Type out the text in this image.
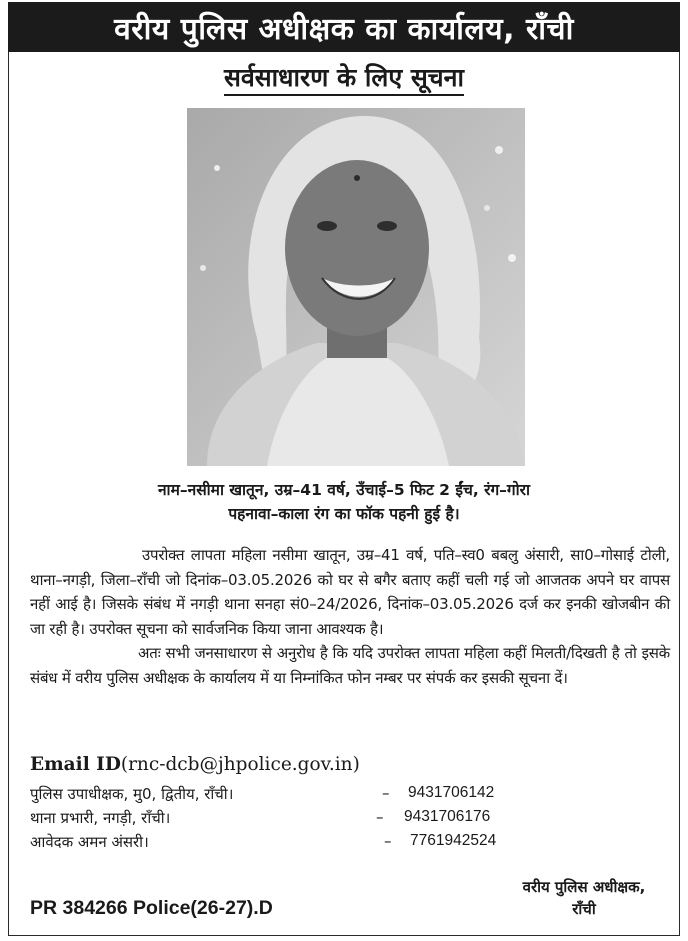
वरीय पुलिस अधीक्षक का कार्यालय, राँची
सर्वसाधारण के लिए सूचना
नाम–नसीमा खातून, उम्र–41 वर्ष, उँचाई–5 फिट 2 ईंच, रंग–गोरा
पहनावा–काला रंग का फॉक पहनी हुई है।

उपरोक्त लापता महिला नसीमा खातून, उम्र–41 वर्ष, पति–स्व0 बबलु अंसारी, सा0–गोसाई टोली, थाना–नगड़ी, जिला–राँची जो दिनांक–03.05.2026 को घर से बगैर बताए कहीं चली गई जो आजतक अपने घर वापस नहीं आई है। जिसके संबंध में नगड़ी थाना सनहा सं0–24/2026, दिनांक–03.05.2026 दर्ज कर इनकी खोजबीन की जा रही है। उपरोक्त सूचना को सार्वजनिक किया जाना आवश्यक है।

अतः सभी जनसाधारण से अनुरोध है कि यदि उपरोक्त लापता महिला कहीं मिलती/दिखती है तो इसके संबंध में वरीय पुलिस अधीक्षक के कार्यालय में या निम्नांकित फोन नम्बर पर संपर्क कर इसकी सूचना दें।

Email ID(rnc-dcb@jhpolice.gov.in)
पुलिस उपाधीक्षक, मु0, द्वितीय, राँची।	– 9431706142
थाना प्रभारी, नगड़ी, राँची।	– 9431706176
आवेदक अमन अंसरी।	– 7761942524
PR 384266 Police(26-27).D
वरीय पुलिस अधीक्षक,
राँची
